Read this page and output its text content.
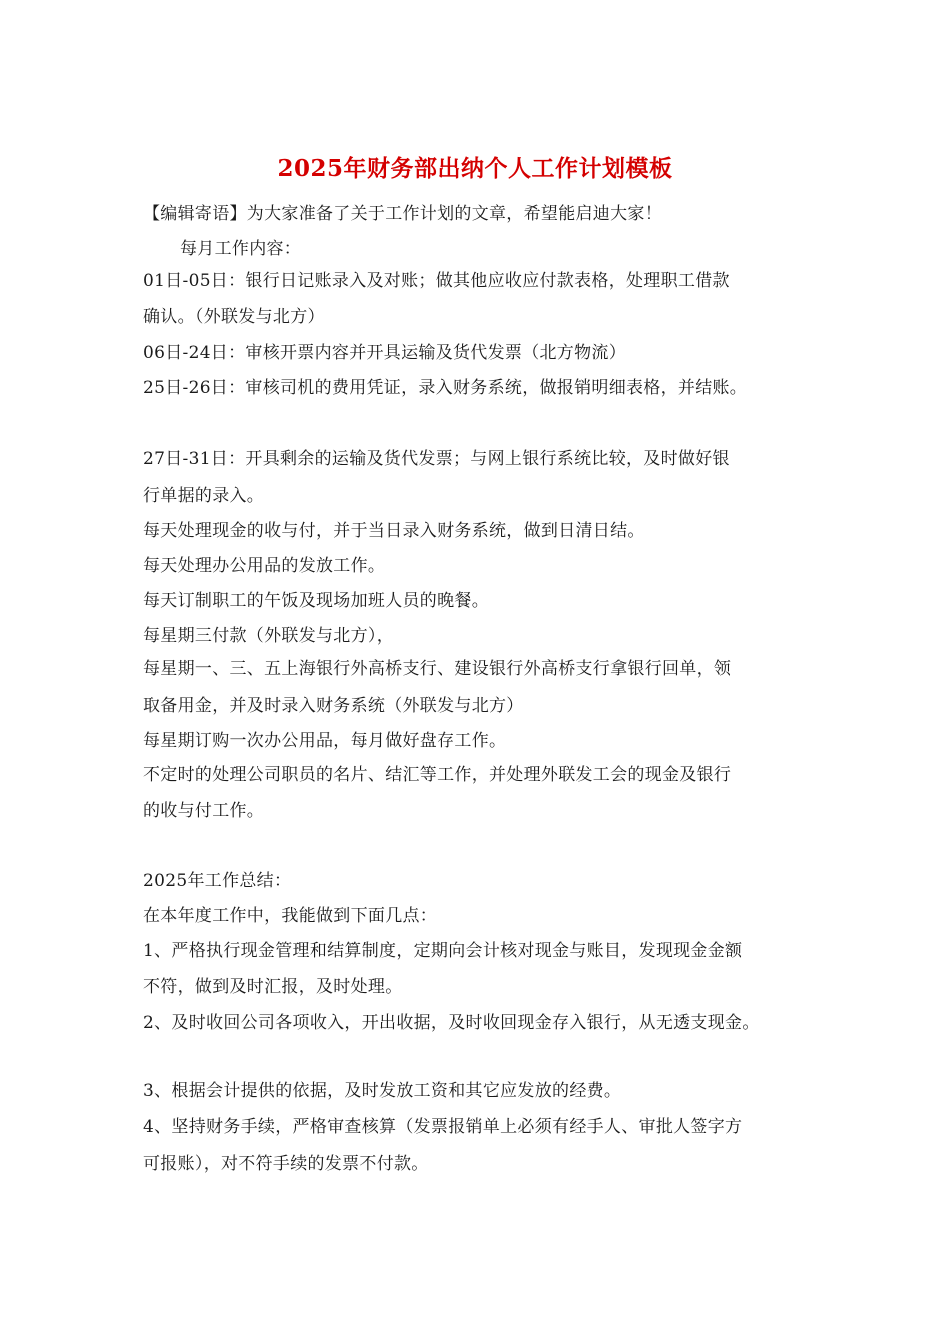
2025年财务部出纳个人工作计划模板
【编辑寄语】为大家准备了关于工作计划的文章，希望能启迪大家！
每月工作内容：
01日-05日：银行日记账录入及对账；做其他应收应付款表格，处理职工借款
确认。（外联发与北方）
06日-24日：审核开票内容并开具运输及货代发票（北方物流）
25日-26日：审核司机的费用凭证，录入财务系统，做报销明细表格，并结账。
27日-31日：开具剩余的运输及货代发票；与网上银行系统比较，及时做好银
行单据的录入。
每天处理现金的收与付，并于当日录入财务系统，做到日清日结。
每天处理办公用品的发放工作。
每天订制职工的午饭及现场加班人员的晚餐。
每星期三付款（外联发与北方），
每星期一、三、五上海银行外高桥支行、建设银行外高桥支行拿银行回单，领
取备用金，并及时录入财务系统（外联发与北方）
每星期订购一次办公用品，每月做好盘存工作。
不定时的处理公司职员的名片、结汇等工作，并处理外联发工会的现金及银行
的收与付工作。
2025年工作总结：
在本年度工作中，我能做到下面几点：
1、严格执行现金管理和结算制度，定期向会计核对现金与账目，发现现金金额
不符，做到及时汇报，及时处理。
2、及时收回公司各项收入，开出收据，及时收回现金存入银行，从无透支现金。
3、根据会计提供的依据，及时发放工资和其它应发放的经费。
4、坚持财务手续，严格审查核算（发票报销单上必须有经手人、审批人签字方
可报账），对不符手续的发票不付款。
